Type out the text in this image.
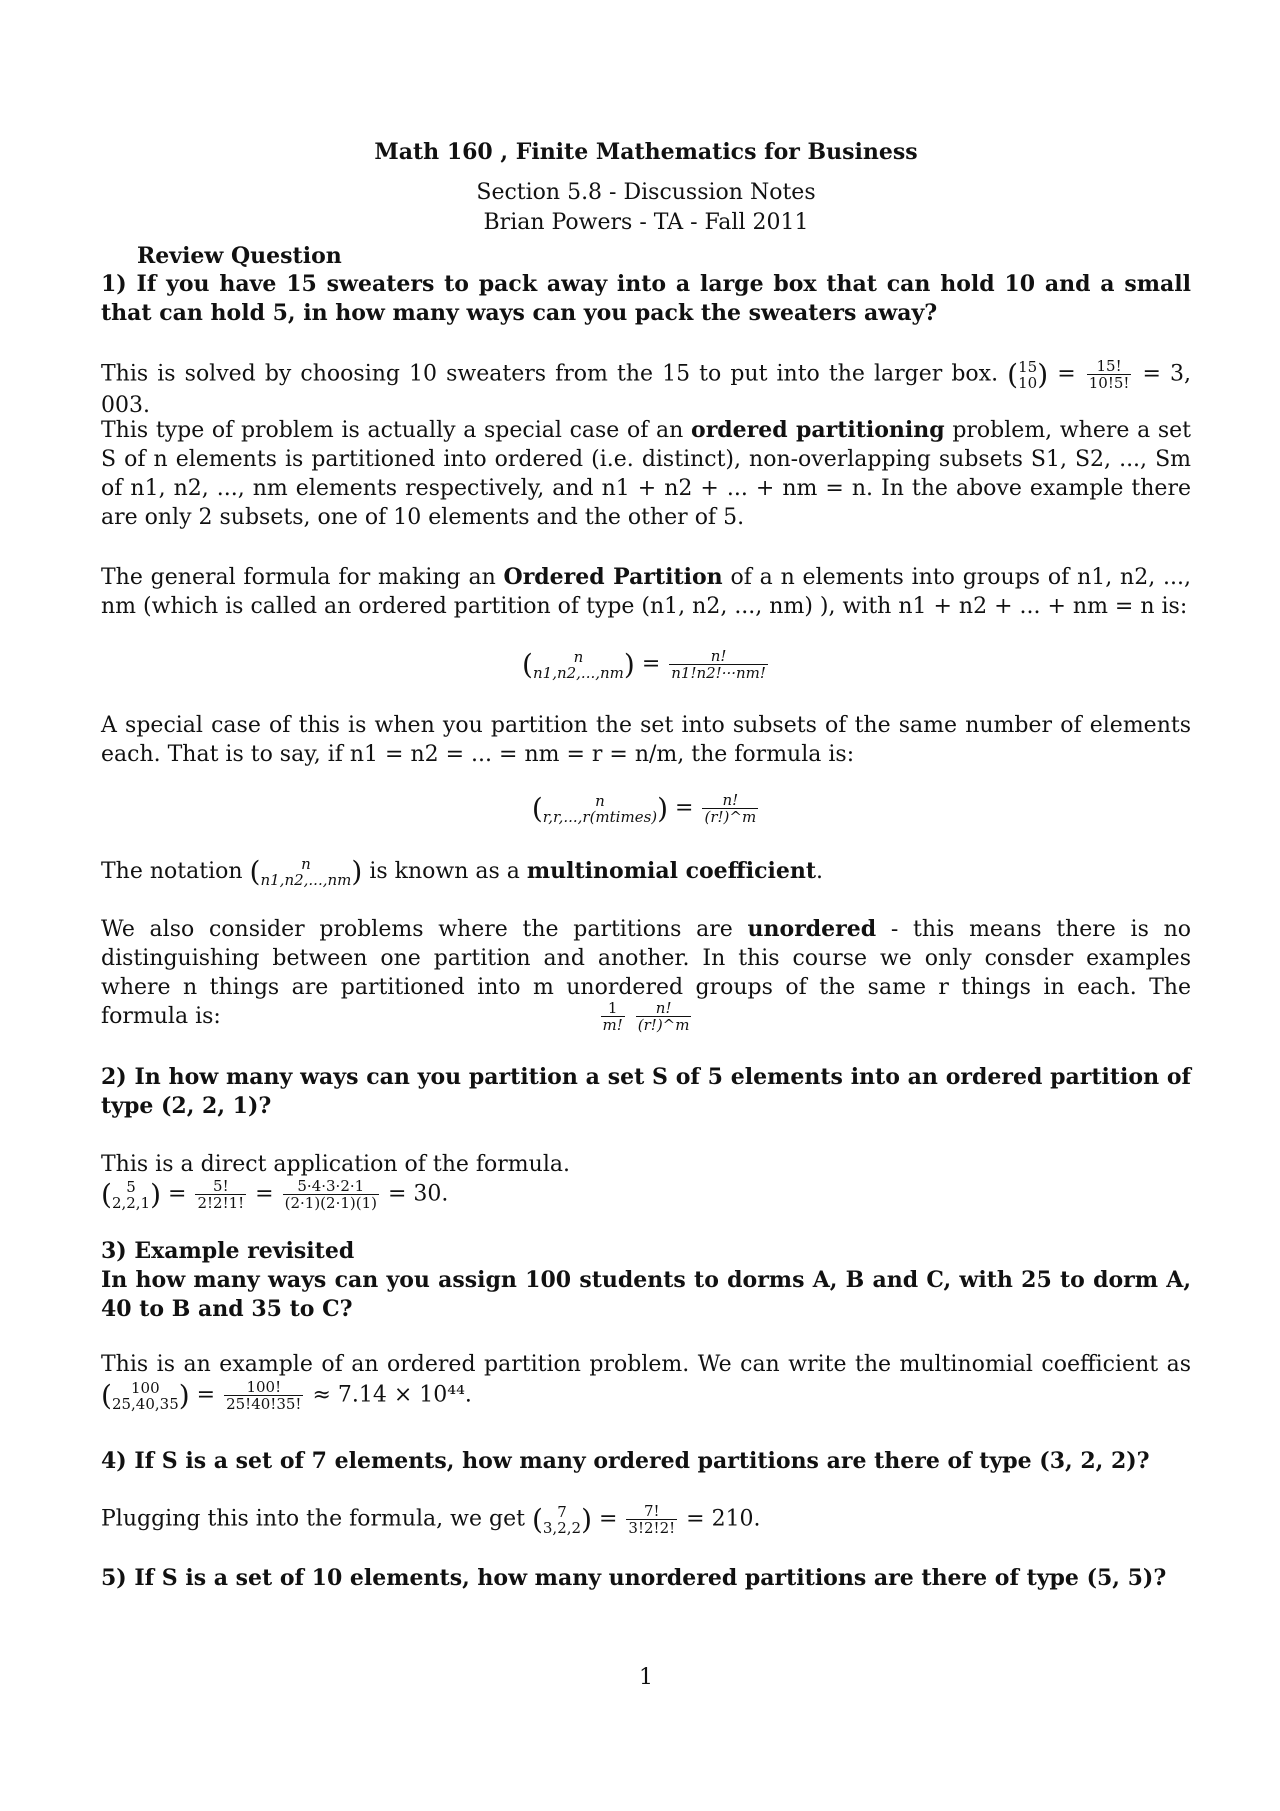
Math 160 , Finite Mathematics for Business
Section 5.8 - Discussion Notes
Brian Powers - TA - Fall 2011
Review Question
1) If you have 15 sweaters to pack away into a large box that can hold 10 and a small that can hold 5, in how many ways can you pack the sweaters away?
This is solved by choosing 10 sweaters from the 15 to put into the larger box. ( 15
10 ) = $\frac{15!}{10!5!} = 3$, 003.
This type of problem is actually a special case of an ordered partitioning problem, where a set S of n elements is partitioned into ordered (i.e. distinct), non-overlapping subsets S1, S2, ..., Sm of n1, n2, ..., nm elements respectively, and n1 + n2 + ... + nm = n. In the above example there are only 2 subsets, one of 10 elements and the other of 5.
The general formula for making an Ordered Partition of a n elements into groups of n1, n2, ..., nm (which is called an ordered partition of type (n1, n2, ..., nm) ), with n1 + n2 + ... + nm = n is:
(	n
n1,n2,...,nm ) = $\frac{n!}{n1!n2!\cdot\cdot\cdot nm!}$
A special case of this is when you partition the set into subsets of the same number of elements each. That is to say, if n1 = n2 = ... = nm = r = n/m, the formula is:
(	n
r,r,...,r(mtimes) ) = $\frac{n!}{(r!)\^{}m}$
The notation (	n
n1,n2,...,nm ) is known as a multinomial coefficient.
We also consider problems where the partitions are unordered - this means there is no distinguishing between one partition and another. In this course we only consder examples where n things are partitioned into m unordered groups of the same r things in each. The formula is:	$\frac{1}{m!}$
$\frac{n!}{(r!)\^{}m}$
2) In how many ways can you partition a set S of 5 elements into an ordered partition of type (2, 2, 1)?
This is a direct application of the formula.
( 5
2,2,1 ) = $\frac{5!}{2!2!1!} = \frac{5\cdot 4\cdot 3\cdot 2\cdot 1}{(2\cdot 1)(2\cdot 1)(1)} = 30$.
3) Example revisited
In how many ways can you assign 100 students to dorms A, B and C, with 25 to dorm A, 40 to B and 35 to C?
This is an example of an ordered partition problem. We can write the multinomial coefficient as (	100
25,40,35 ) = $\frac{100!}{25!40!35!} \approx 7.14 \times 10^{44}$.
4) If S is a set of 7 elements, how many ordered partitions are there of type (3, 2, 2)?
Plugging this into the formula, we get ( 7
3,2,2 ) = $\frac{7!}{3!2!2!} = 210$.
5) If S is a set of 10 elements, how many unordered partitions are there of type (5, 5)?
1
